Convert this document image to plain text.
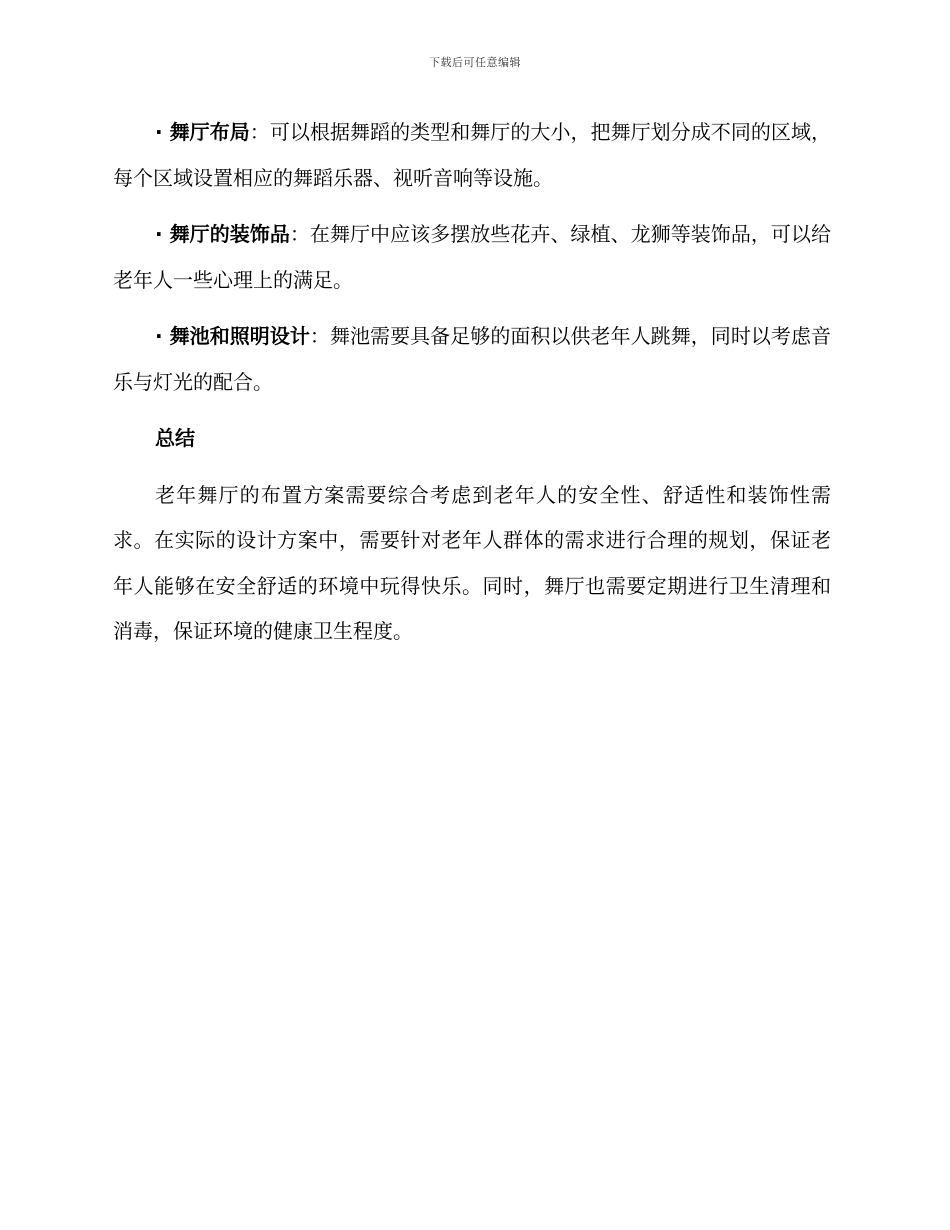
下载后可任意编辑

· 舞厅布局：可以根据舞蹈的类型和舞厅的大小，把舞厅划分成不同的区域，每个区域设置相应的舞蹈乐器、视听音响等设施。

· 舞厅的装饰品：在舞厅中应该多摆放些花卉、绿植、龙狮等装饰品，可以给老年人一些心理上的满足。

· 舞池和照明设计：舞池需要具备足够的面积以供老年人跳舞，同时以考虑音乐与灯光的配合。

总结

老年舞厅的布置方案需要综合考虑到老年人的安全性、舒适性和装饰性需求。在实际的设计方案中，需要针对老年人群体的需求进行合理的规划，保证老年人能够在安全舒适的环境中玩得快乐。同时，舞厅也需要定期进行卫生清理和消毒，保证环境的健康卫生程度。
